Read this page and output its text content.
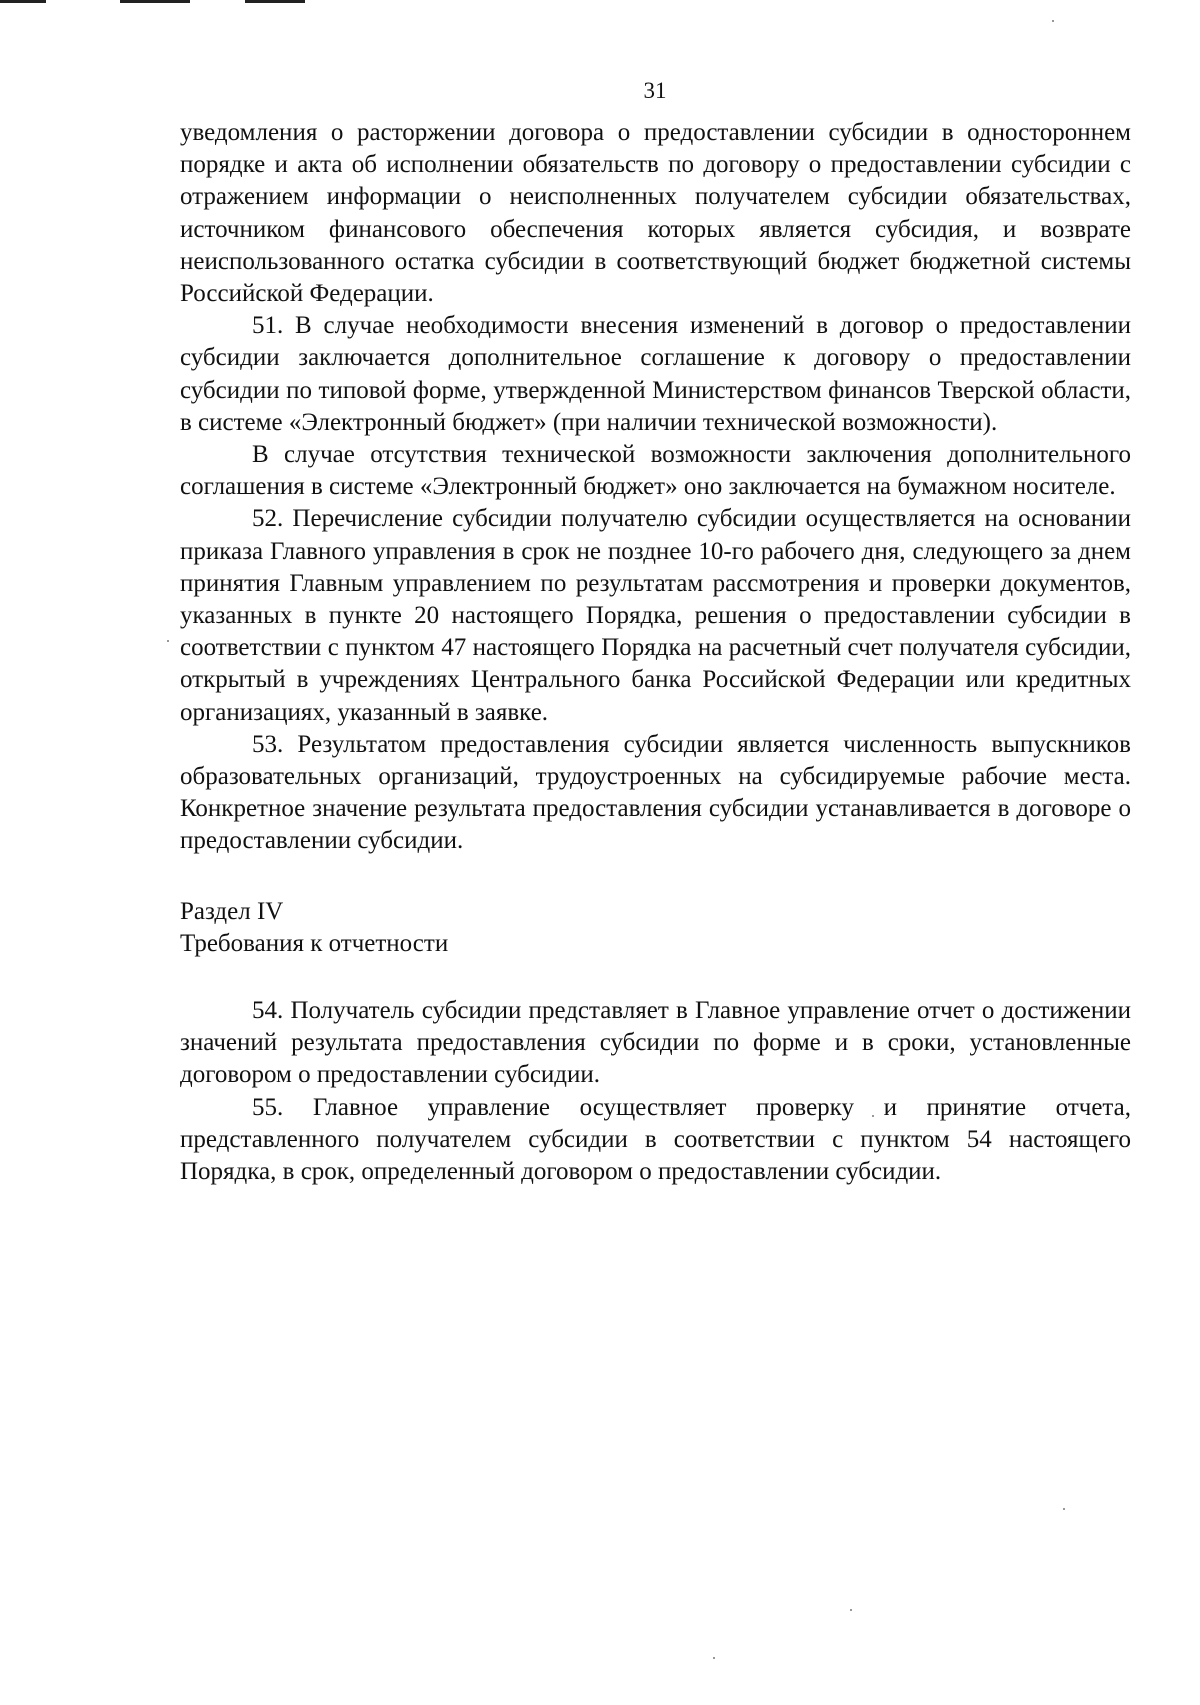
31

уведомления о расторжении договора о предоставлении субсидии в одностороннем порядке и акта об исполнении обязательств по договору о предоставлении субсидии с отражением информации о неисполненных получателем субсидии обязательствах, источником финансового обеспечения которых является субсидия, и возврате неиспользованного остатка субсидии в соответствующий бюджет бюджетной системы Российской Федерации.

51. В случае необходимости внесения изменений в договор о предоставлении субсидии заключается дополнительное соглашение к договору о предоставлении субсидии по типовой форме, утвержденной Министерством финансов Тверской области, в системе «Электронный бюджет» (при наличии технической возможности).

В случае отсутствия технической возможности заключения дополнительного соглашения в системе «Электронный бюджет» оно заключается на бумажном носителе.

52. Перечисление субсидии получателю субсидии осуществляется на основании приказа Главного управления в срок не позднее 10-го рабочего дня, следующего за днем принятия Главным управлением по результатам рассмотрения и проверки документов, указанных в пункте 20 настоящего Порядка, решения о предоставлении субсидии в соответствии с пунктом 47 настоящего Порядка на расчетный счет получателя субсидии, открытый в учреждениях Центрального банка Российской Федерации или кредитных организациях, указанный в заявке.

53. Результатом предоставления субсидии является численность выпускников образовательных организаций, трудоустроенных на субсидируемые рабочие места. Конкретное значение результата предоставления субсидии устанавливается в договоре о предоставлении субсидии.

Раздел IV

Требования к отчетности

54. Получатель субсидии представляет в Главное управление отчет о достижении значений результата предоставления субсидии по форме и в сроки, установленные договором о предоставлении субсидии.

55. Главное управление осуществляет проверку и принятие отчета, представленного получателем субсидии в соответствии с пунктом 54 настоящего Порядка, в срок, определенный договором о предоставлении субсидии.
